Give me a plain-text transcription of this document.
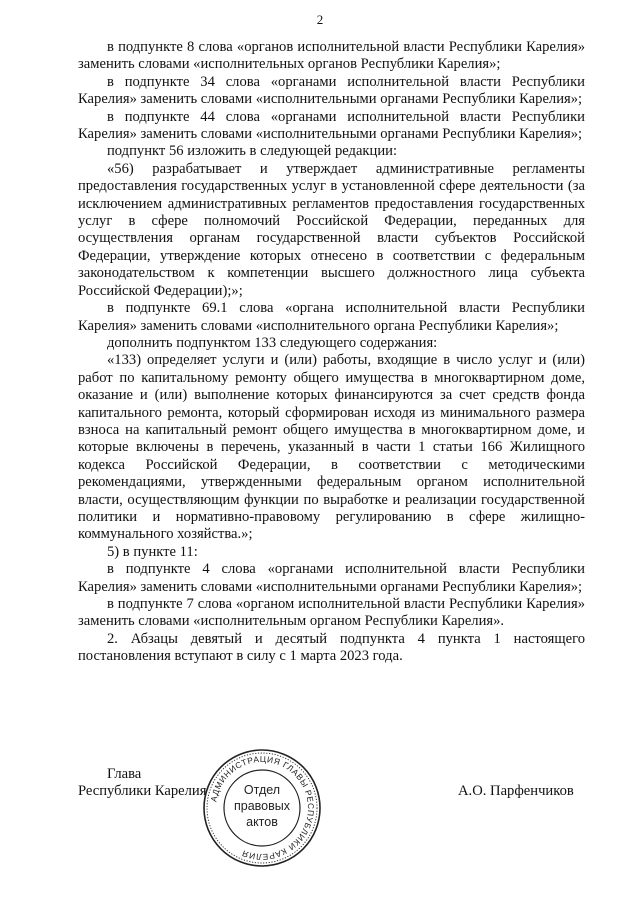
2

в подпункте 8 слова «органов исполнительной власти Республики Карелия» заменить словами «исполнительных органов Республики Карелия»;

в подпункте 34 слова «органами исполнительной власти Республики Карелия» заменить словами «исполнительными органами Республики Карелия»;

в подпункте 44 слова «органами исполнительной власти Республики Карелия» заменить словами «исполнительными органами Республики Карелия»;

подпункт 56 изложить в следующей редакции:

«56) разрабатывает и утверждает административные регламенты предоставления государственных услуг в установленной сфере деятельности (за исключением административных регламентов предоставления государственных услуг в сфере полномочий Российской Федерации, переданных для осуществления органам государственной власти субъектов Российской Федерации, утверждение которых отнесено в соответствии с федеральным законодательством к компетенции высшего должностного лица субъекта Российской Федерации);»;

в подпункте 69.1 слова «органа исполнительной власти Республики Карелия» заменить словами «исполнительного органа Республики Карелия»;

дополнить подпунктом 133 следующего содержания:

«133) определяет услуги и (или) работы, входящие в число услуг и (или) работ по капитальному ремонту общего имущества в многоквартирном доме, оказание и (или) выполнение которых финансируются за счет средств фонда капитального ремонта, который сформирован исходя из минимального размера взноса на капитальный ремонт общего имущества в многоквартирном доме, и которые включены в перечень, указанный в части 1 статьи 166 Жилищного кодекса Российской Федерации, в соответствии с методическими рекомендациями, утвержденными федеральным органом исполнительной власти, осуществляющим функции по выработке и реализации государственной политики и нормативно-правовому регулированию в сфере жилищно-коммунального хозяйства.»;

5) в пункте 11:

в подпункте 4 слова «органами исполнительной власти Республики Карелия» заменить словами «исполнительными органами Республики Карелия»;

в подпункте 7 слова «органом исполнительной власти Республики Карелия» заменить словами «исполнительным органом Республики Карелия».

2. Абзацы девятый и десятый подпункта 4 пункта 1 настоящего постановления вступают в силу с 1 марта 2023 года.

Глава
Республики Карелия	А.О. Парфенчиков
АДМИНИСТРАЦИЯ ГЛАВЫ РЕСПУБЛИКИ КАРЕЛИЯ
Отдел
правовых
актов
